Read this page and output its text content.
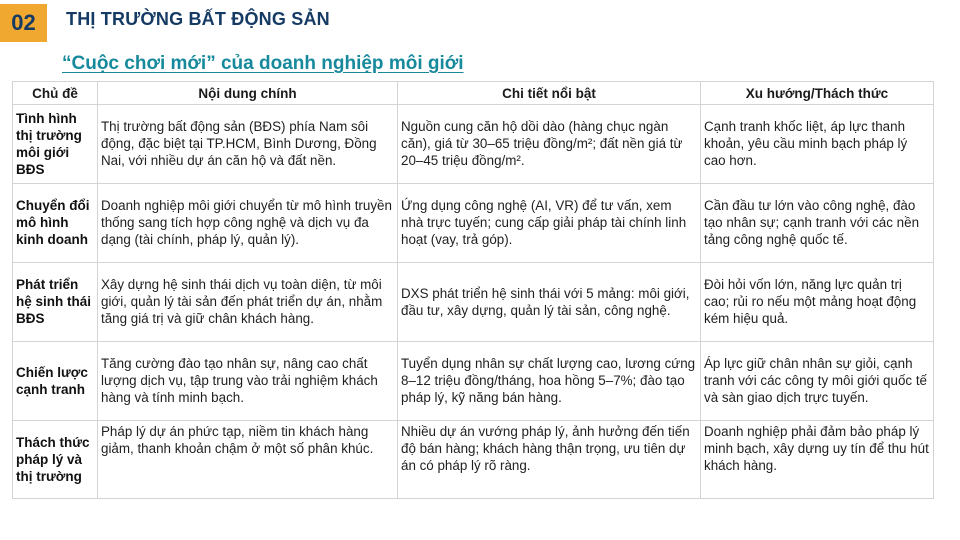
02	THỊ TRƯỜNG BẤT ĐỘNG SẢN
“Cuộc chơi mới” của doanh nghiệp môi giới
Chủ đề	Nội dung chính	Chi tiết nổi bật	Xu hướng/Thách thức
Tình hình thị trường môi giới BĐS	Thị trường bất động sản (BĐS) phía Nam sôi động, đặc biệt tại TP.HCM, Bình Dương, Đồng Nai, với nhiều dự án căn hộ và đất nền.	Nguồn cung căn hộ dồi dào (hàng chục ngàn căn), giá từ 30–65 triệu đồng/m²; đất nền giá từ 20–45 triệu đồng/m².	Cạnh tranh khốc liệt, áp lực thanh khoản, yêu cầu minh bạch pháp lý cao hơn.
Chuyển đổi mô hình kinh doanh	Doanh nghiệp môi giới chuyển từ mô hình truyền thống sang tích hợp công nghệ và dịch vụ đa dạng (tài chính, pháp lý, quản lý).	Ứng dụng công nghệ (AI, VR) để tư vấn, xem nhà trực tuyến; cung cấp giải pháp tài chính linh hoạt (vay, trả góp).	Cần đầu tư lớn vào công nghệ, đào tạo nhân sự; cạnh tranh với các nền tảng công nghệ quốc tế.
Phát triển hệ sinh thái BĐS	Xây dựng hệ sinh thái dịch vụ toàn diện, từ môi giới, quản lý tài sản đến phát triển dự án, nhằm tăng giá trị và giữ chân khách hàng.	DXS phát triển hệ sinh thái với 5 mảng: môi giới, đầu tư, xây dựng, quản lý tài sản, công nghệ.	Đòi hỏi vốn lớn, năng lực quản trị cao; rủi ro nếu một mảng hoạt động kém hiệu quả.
Chiến lược cạnh tranh	Tăng cường đào tạo nhân sự, nâng cao chất lượng dịch vụ, tập trung vào trải nghiệm khách hàng và tính minh bạch.	Tuyển dụng nhân sự chất lượng cao, lương cứng 8–12 triệu đồng/tháng, hoa hồng 5–7%; đào tạo pháp lý, kỹ năng bán hàng.	Áp lực giữ chân nhân sự giỏi, cạnh tranh với các công ty môi giới quốc tế và sàn giao dịch trực tuyến.
Thách thức pháp lý và thị trường	Pháp lý dự án phức tạp, niềm tin khách hàng giảm, thanh khoản chậm ở một số phân khúc.	Nhiều dự án vướng pháp lý, ảnh hưởng đến tiến độ bán hàng; khách hàng thận trọng, ưu tiên dự án có pháp lý rõ ràng.	Doanh nghiệp phải đảm bảo pháp lý minh bạch, xây dựng uy tín để thu hút khách hàng.
